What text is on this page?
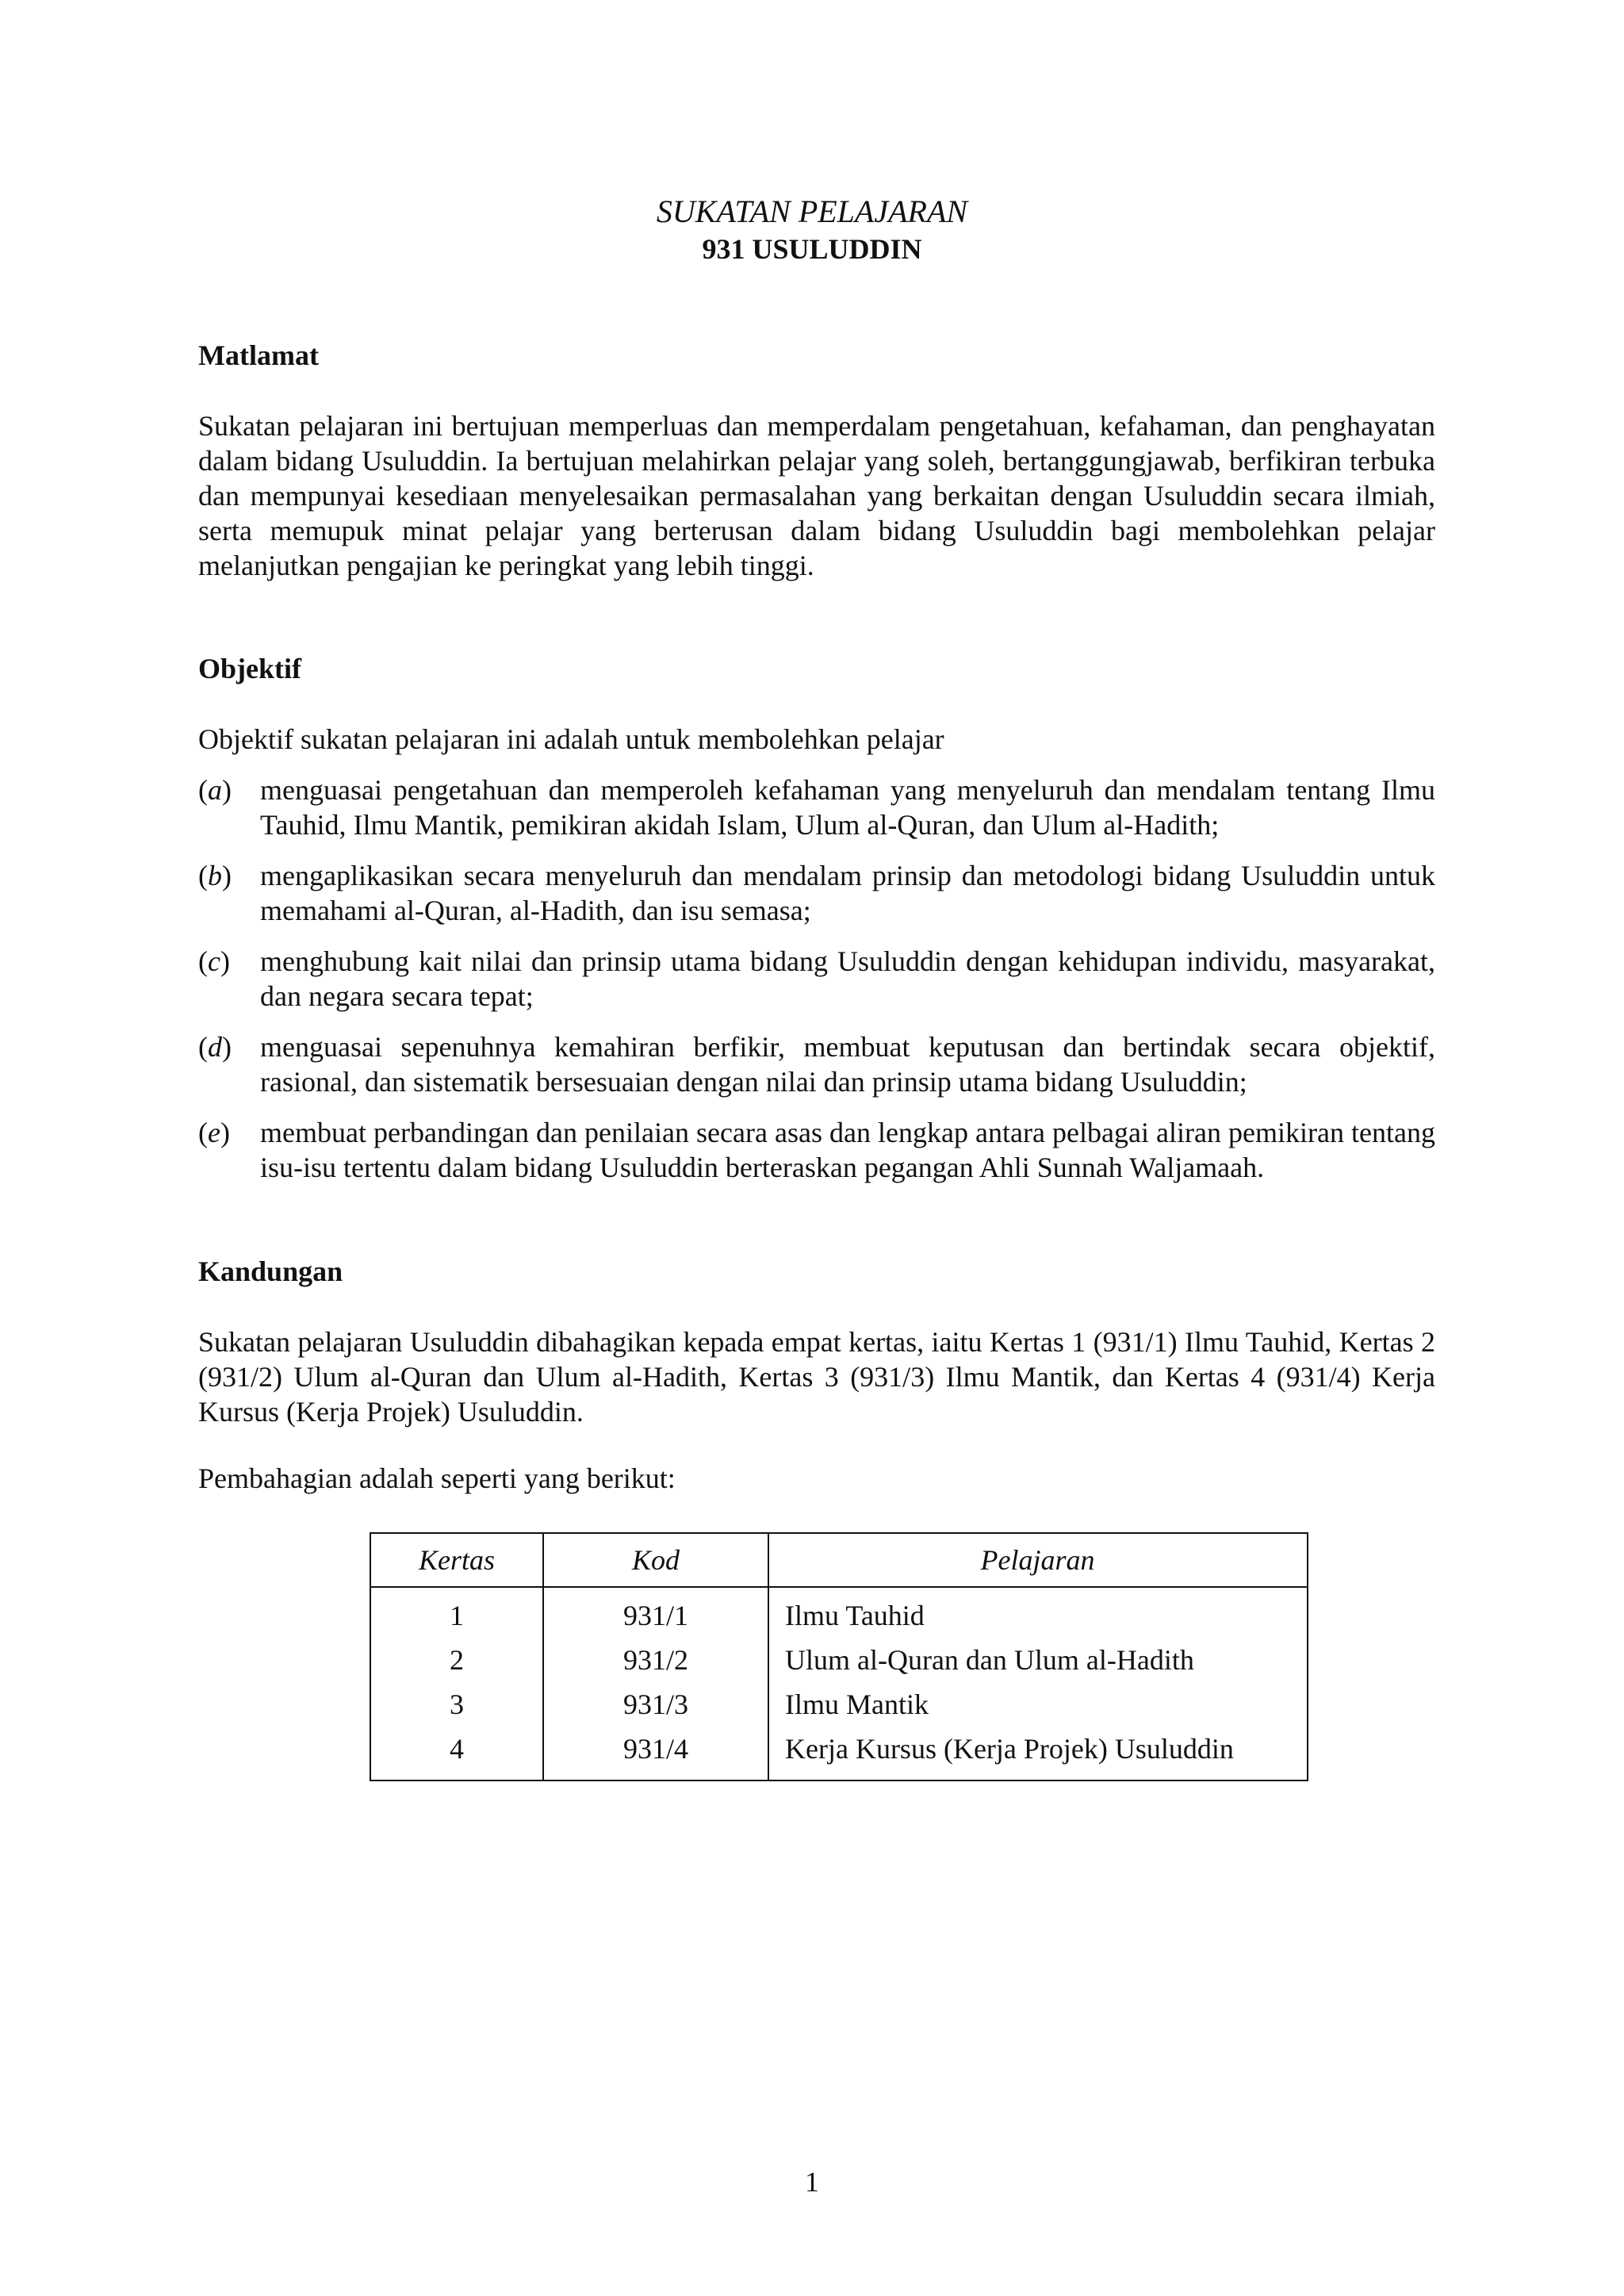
SUKATAN PELAJARAN
931 USULUDDIN
Matlamat
Sukatan pelajaran ini bertujuan memperluas dan memperdalam pengetahuan, kefahaman, dan penghayatan dalam bidang Usuluddin. Ia bertujuan melahirkan pelajar yang soleh, bertanggungjawab, berfikiran terbuka dan mempunyai kesediaan menyelesaikan permasalahan yang berkaitan dengan Usuluddin secara ilmiah, serta memupuk minat pelajar yang berterusan dalam bidang Usuluddin bagi membolehkan pelajar melanjutkan pengajian ke peringkat yang lebih tinggi.
Objektif
Objektif sukatan pelajaran ini adalah untuk membolehkan pelajar
(a) menguasai pengetahuan dan memperoleh kefahaman yang menyeluruh dan mendalam tentang Ilmu Tauhid, Ilmu Mantik, pemikiran akidah Islam, Ulum al-Quran, dan Ulum al-Hadith;
(b) mengaplikasikan secara menyeluruh dan mendalam prinsip dan metodologi bidang Usuluddin untuk memahami al-Quran, al-Hadith, dan isu semasa;
(c) menghubung kait nilai dan prinsip utama bidang Usuluddin dengan kehidupan individu, masyarakat, dan negara secara tepat;
(d) menguasai sepenuhnya kemahiran berfikir, membuat keputusan dan bertindak secara objektif, rasional, dan sistematik bersesuaian dengan nilai dan prinsip utama bidang Usuluddin;
(e) membuat perbandingan dan penilaian secara asas dan lengkap antara pelbagai aliran pemikiran tentang isu-isu tertentu dalam bidang Usuluddin berteraskan pegangan Ahli Sunnah Waljamaah.
Kandungan
Sukatan pelajaran Usuluddin dibahagikan kepada empat kertas, iaitu Kertas 1 (931/1) Ilmu Tauhid, Kertas 2 (931/2) Ulum al-Quran dan Ulum al-Hadith, Kertas 3 (931/3) Ilmu Mantik, dan Kertas 4 (931/4) Kerja Kursus (Kerja Projek) Usuluddin.
Pembahagian adalah seperti yang berikut:
Kertas	Kod	Pelajaran
1	931/1	Ilmu Tauhid
2	931/2	Ulum al-Quran dan Ulum al-Hadith
3	931/3	Ilmu Mantik
4	931/4	Kerja Kursus (Kerja Projek) Usuluddin
1
